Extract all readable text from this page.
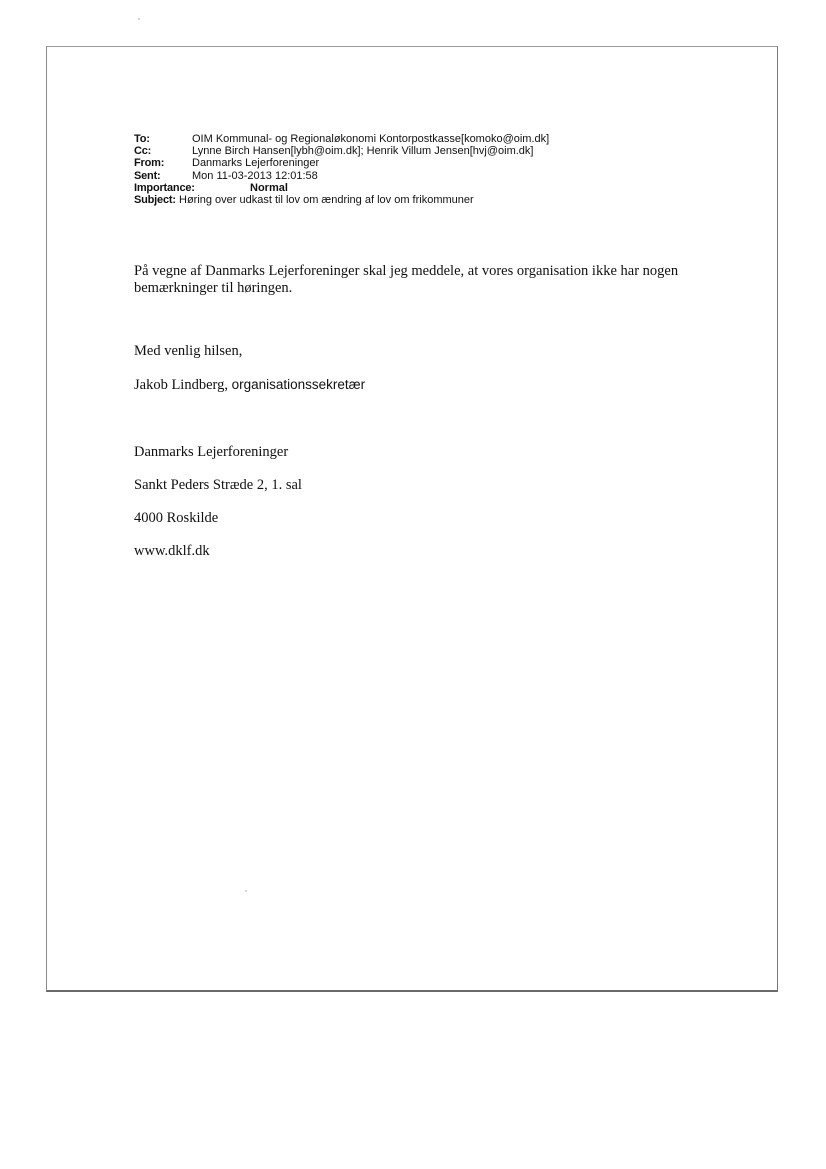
To:	OIM Kommunal- og Regionaløkonomi Kontorpostkasse[komoko@oim.dk]
Cc:	Lynne Birch Hansen[lybh@oim.dk]; Henrik Villum Jensen[hvj@oim.dk]
From:	Danmarks Lejerforeninger
Sent:	Mon 11-03-2013 12:01:58
Importance:	Normal
Subject: Høring over udkast til lov om ændring af lov om frikommuner

På vegne af Danmarks Lejerforeninger skal jeg meddele, at vores organisation ikke har nogen

bemærkninger til høringen.

Med venlig hilsen,

Jakob Lindberg, organisationssekretær

Danmarks Lejerforeninger

Sankt Peders Stræde 2, 1. sal

4000 Roskilde

www.dklf.dk
